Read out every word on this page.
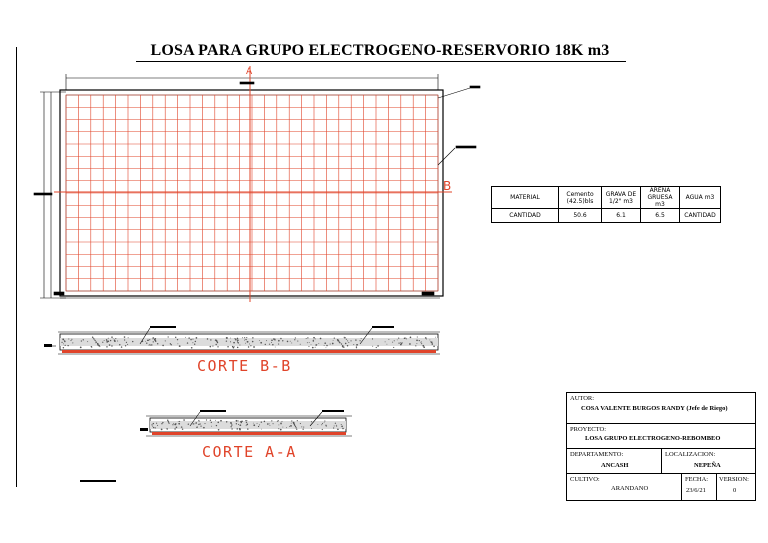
LOSA PARA GRUPO ELECTROGENO-RESERVORIO 18K m3
A
B
CORTE B-B
CORTE A-A
MATERIAL	Cemento (42.5)bls	GRAVA DE 1/2" m3	ARENA GRUESA m3	AGUA m3
CANTIDAD	50.6	6.1	6.5	CANTIDAD
AUTOR:
COSA VALENTE BURGOS RANDY (Jefe de Riego)
PROYECTO:
LOSA GRUPO ELECTROGENO-REBOMBEO
DEPARTAMENTO:
ANCASH
LOCALIZACION:
NEPEÑA
CULTIVO:
ARANDANO
FECHA:
23/6/21
VERSION:
0
